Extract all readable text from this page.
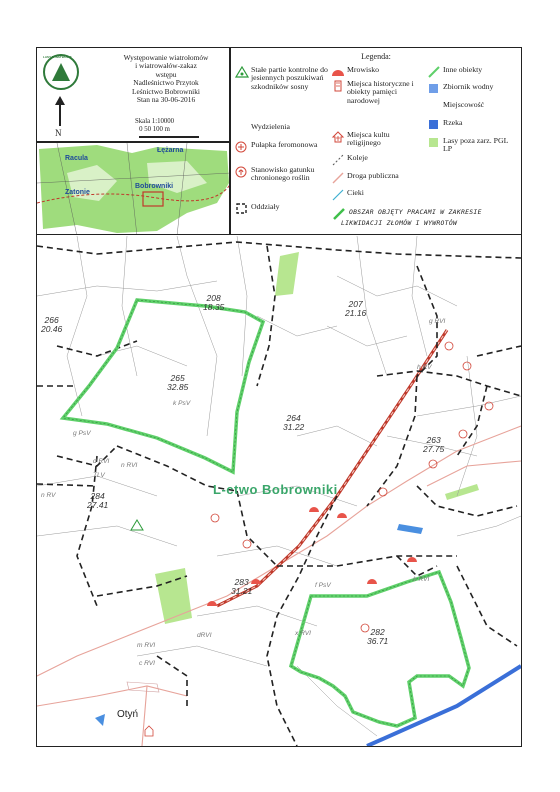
LASY PAŃSTWOWE
N
Występowanie wiatrołomów
i wiatrowałów-zakaz
wstępu
Nadleśnictwo Przytok
Leśnictwo Bobrowniki
Stan na 30-06-2016
Skala 1:10000
0 50 100 m
Racula
Łężarna
Zatonie
Bobrowniki
Legenda:
Stałe partie kontrolne do jesiennych poszukiwań szkodników sosny
Wydzielenia
Pułapka feromonowa
Stanowisko gatunku chronionego roślin
Oddziały
Mrowisko
Miejsca historyczne i obiekty pamięci narodowej
Miejsca kultu religijnego
Koleje
Droga publiczna
Cieki
Inne obiekty
Zbiornik wodny
Miejscowość
Rzeka
Lasy poza zarz. PGL LP
OBSZAR OBJĘTY PRACAMI W ZAKRESIE
LIKWIDACJI ZŁOMÓW I WYWROTÓW
208
18.35	207
21.16
266
20.46
265
32.85
264
31.22
263
27.75
284
27.41
283
31.21
282
36.71
L-ctwo Bobrowniki
Otyń
k PsV
n RVI
d RVI
TLV
n RV
f PsV
h RVI
m RVI
c RVI
h RV
g RVI
x RVI
g PsV
dRVI
